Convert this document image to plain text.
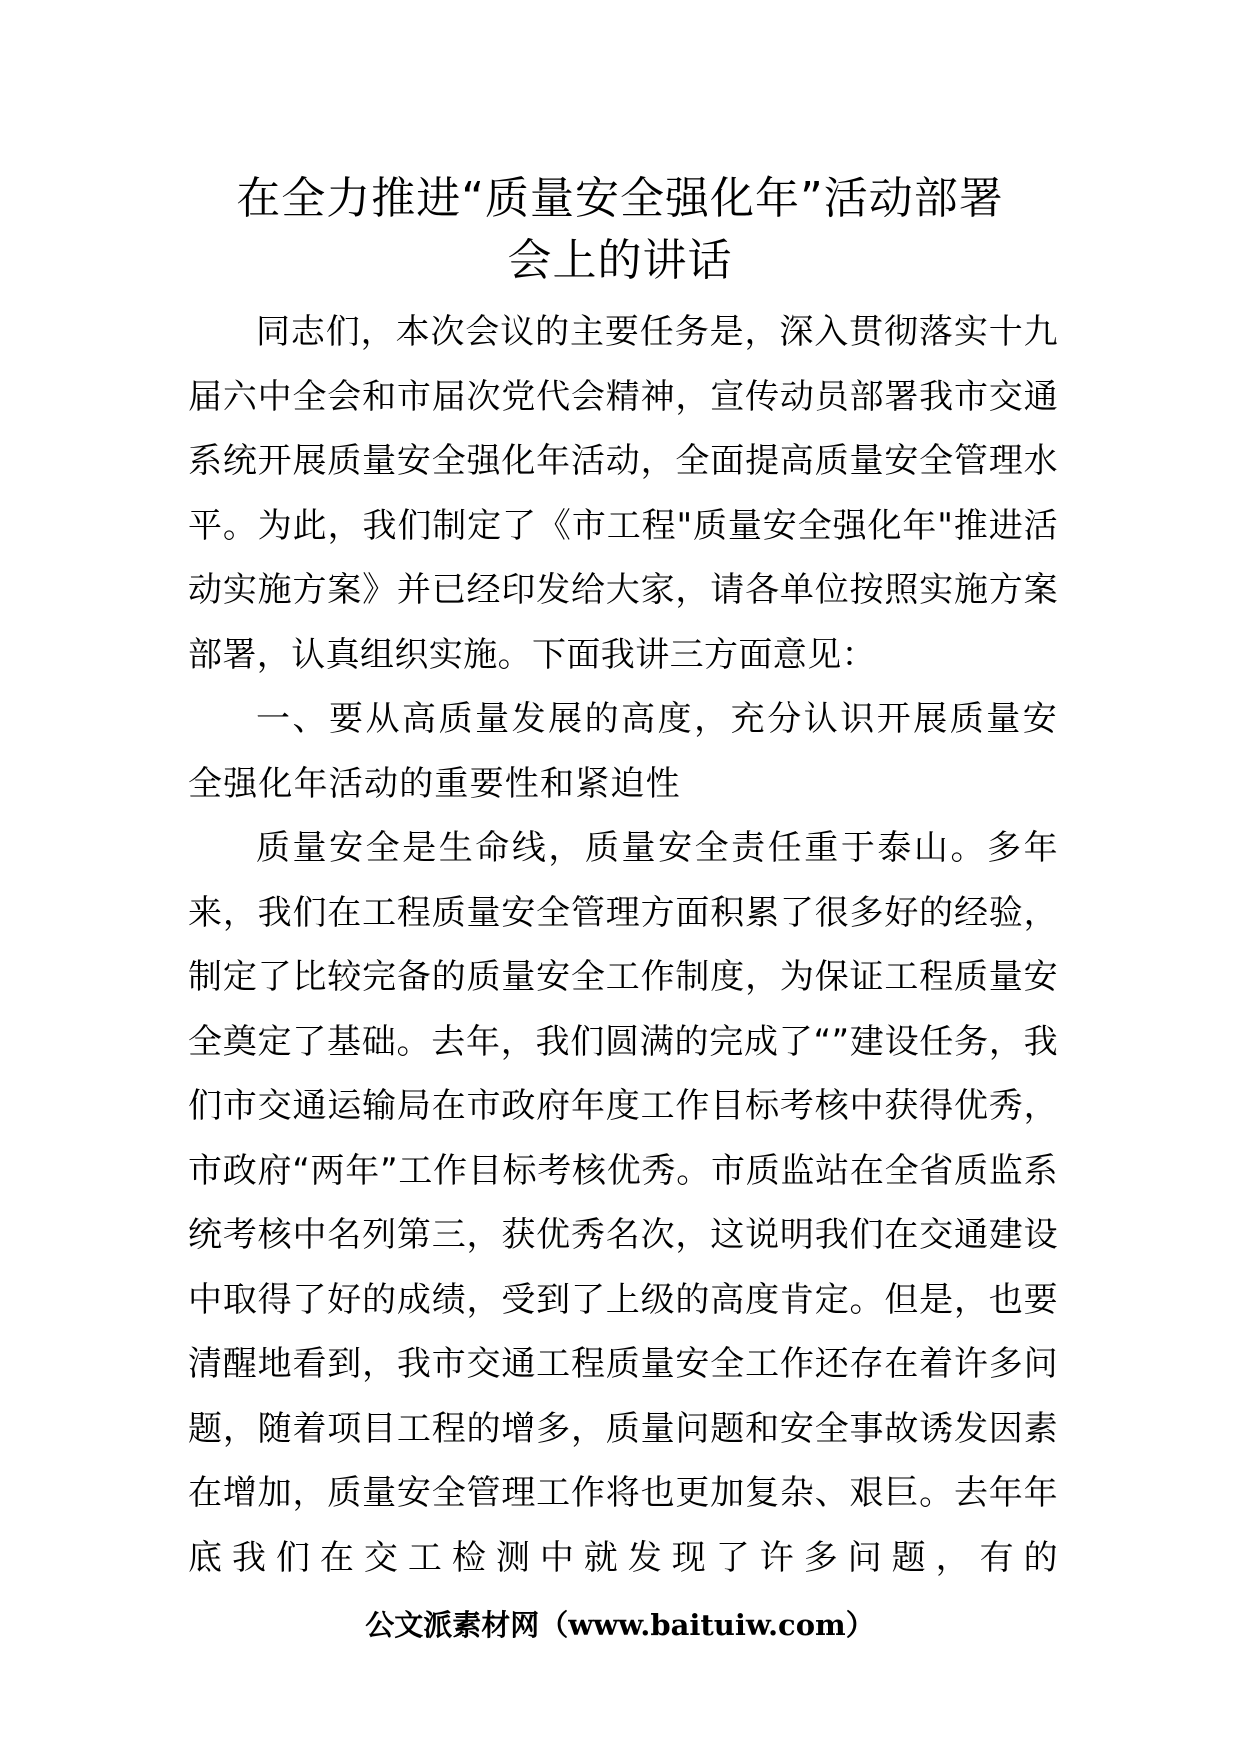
在全力推进“质量安全强化年”活动部署
会上的讲话

同志们，本次会议的主要任务是，深入贯彻落实十九届六中全会和市届次党代会精神，宣传动员部署我市交通系统开展质量安全强化年活动，全面提高质量安全管理水平。为此，我们制定了《市工程"质量安全强化年"推进活动实施方案》并已经印发给大家，请各单位按照实施方案部署，认真组织实施。下面我讲三方面意见：

一、要从高质量发展的高度，充分认识开展质量安全强化年活动的重要性和紧迫性

质量安全是生命线，质量安全责任重于泰山。多年来，我们在工程质量安全管理方面积累了很多好的经验，制定了比较完备的质量安全工作制度，为保证工程质量安全奠定了基础。去年，我们圆满的完成了“”建设任务，我们市交通运输局在市政府年度工作目标考核中获得优秀，市政府“两年”工作目标考核优秀。市质监站在全省质监系统考核中名列第三，获优秀名次，这说明我们在交通建设中取得了好的成绩，受到了上级的高度肯定。但是，也要清醒地看到，我市交通工程质量安全工作还存在着许多问题，随着项目工程的增多，质量问题和安全事故诱发因素在增加，质量安全管理工作将也更加复杂、艰巨。去年年底我们在交工检测中就发现了许多问题，有的

公文派素材网（www.baituiw.com）
